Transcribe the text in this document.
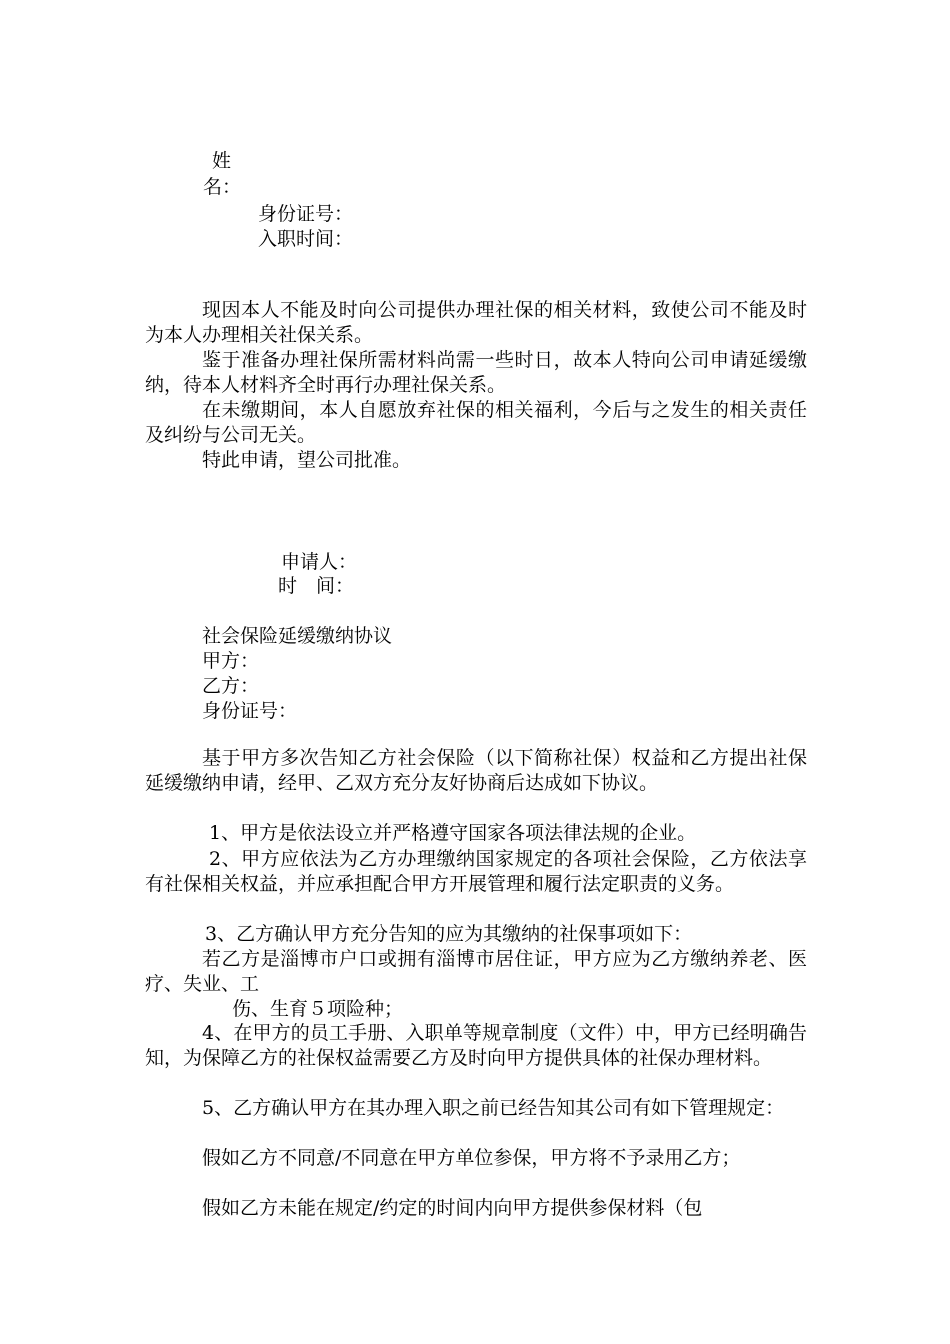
姓
名：
身份证号：
入职时间：

现因本人不能及时向公司提供办理社保的相关材料，致使公司不能及时为本人办理相关社保关系。

鉴于准备办理社保所需材料尚需一些时日，故本人特向公司申请延缓缴纳，待本人材料齐全时再行办理社保关系。

在未缴期间，本人自愿放弃社保的相关福利，今后与之发生的相关责任及纠纷与公司无关。

特此申请，望公司批准。

申请人：
时　间：
社会保险延缓缴纳协议
甲方：
乙方：
身份证号：

基于甲方多次告知乙方社会保险（以下简称社保）权益和乙方提出社保延缓缴纳申请，经甲、乙双方充分友好协商后达成如下协议。

1、甲方是依法设立并严格遵守国家各项法律法规的企业。

2、甲方应依法为乙方办理缴纳国家规定的各项社会保险，乙方依法享有社保相关权益，并应承担配合甲方开展管理和履行法定职责的义务。

3、乙方确认甲方充分告知的应为其缴纳的社保事项如下：

若乙方是淄博市户口或拥有淄博市居住证，甲方应为乙方缴纳养老、医疗、失业、工

伤、生育５项险种；

4、在甲方的员工手册、入职单等规章制度（文件）中，甲方已经明确告知，为保障乙方的社保权益需要乙方及时向甲方提供具体的社保办理材料。

5、乙方确认甲方在其办理入职之前已经告知其公司有如下管理规定：

假如乙方不同意/不同意在甲方单位参保，甲方将不予录用乙方；

假如乙方未能在规定/约定的时间内向甲方提供参保材料（包
